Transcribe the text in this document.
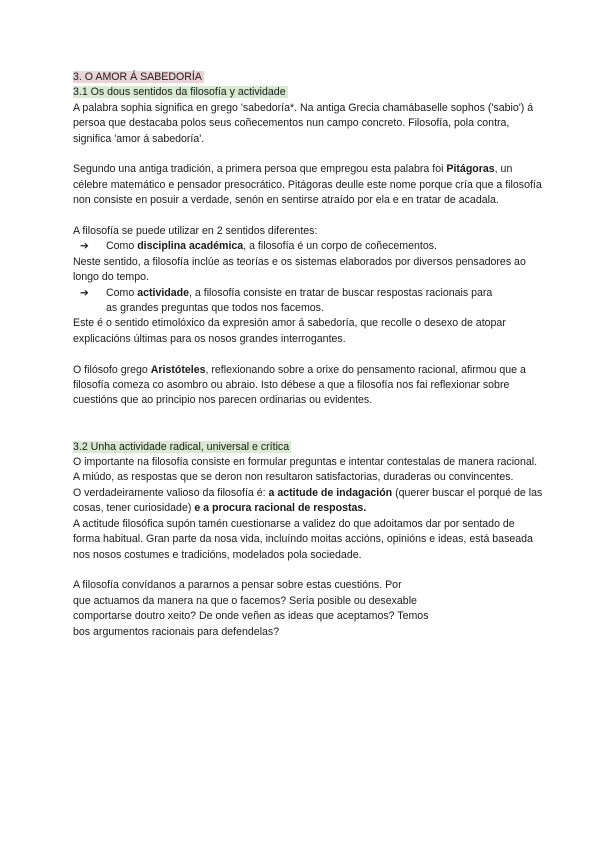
3. O AMOR Á SABEDORÍA
3.1 Os dous sentidos da filosofía y actividade

A palabra sophia significa en grego 'sabedoría*. Na antiga Grecia chamábaselle sophos ('sabio') á persoa que destacaba polos seus coñecementos nun campo concreto. Filosofía, pola contra, significa 'amor á sabedoría'.

Segundo una antiga tradición, a primera persoa que empregou esta palabra foi Pitágoras, un célebre matemático e pensador presocrático. Pitágoras deulle este nome porque cría que a filosofía non consiste en posuir a verdade, senón en sentirse atraído por ela e en tratar de acadala.

A filosofía se puede utilizar en 2 sentidos diferentes:

➔	Como disciplina académica, a filosofía é un corpo de coñecementos.

Neste sentido, a filosofía inclúe as teorías e os sistemas elaborados por diversos pensadores ao longo do tempo.

➔	Como actividade, a filosofía consiste en tratar de buscar respostas racionais para

as grandes preguntas que todos nos facemos.

Este é o sentido etimolóxico da expresión amor á sabedoría, que recolle o desexo de atopar explicacións últimas para os nosos grandes interrogantes.

O filósofo grego Aristóteles, reflexionando sobre a orixe do pensamento racional, afirmou que a filosofía comeza co asombro ou abraio. Isto débese a que a filosofía nos fai reflexionar sobre cuestións que ao principio nos parecen ordinarias ou evidentes.

3.2 Unha actividade radical, universal e crítica

O importante na filosofía consiste en formular preguntas e intentar contestalas de manera racional. A miúdo, as respostas que se deron non resultaron satisfactorias, duraderas ou convincentes.

O verdadeiramente valioso da filosofía é: a actitude de indagación (querer buscar el porqué de las cosas, tener curiosidade) e a procura racional de respostas.

A actitude filosófica supón tamén cuestionarse a validez do que adoitamos dar por sentado de forma habitual. Gran parte da nosa vida, incluíndo moitas accións, opinións e ideas, está baseada nos nosos costumes e tradicións, modelados pola sociedade.

A filosofía convídanos a pararnos a pensar sobre estas cuestións. Por
que actuamos da manera na que o facemos? Sería posible ou desexable
comportarse doutro xeito? De onde veñen as ideas que aceptamos? Temos
bos argumentos racionais para defendelas?
